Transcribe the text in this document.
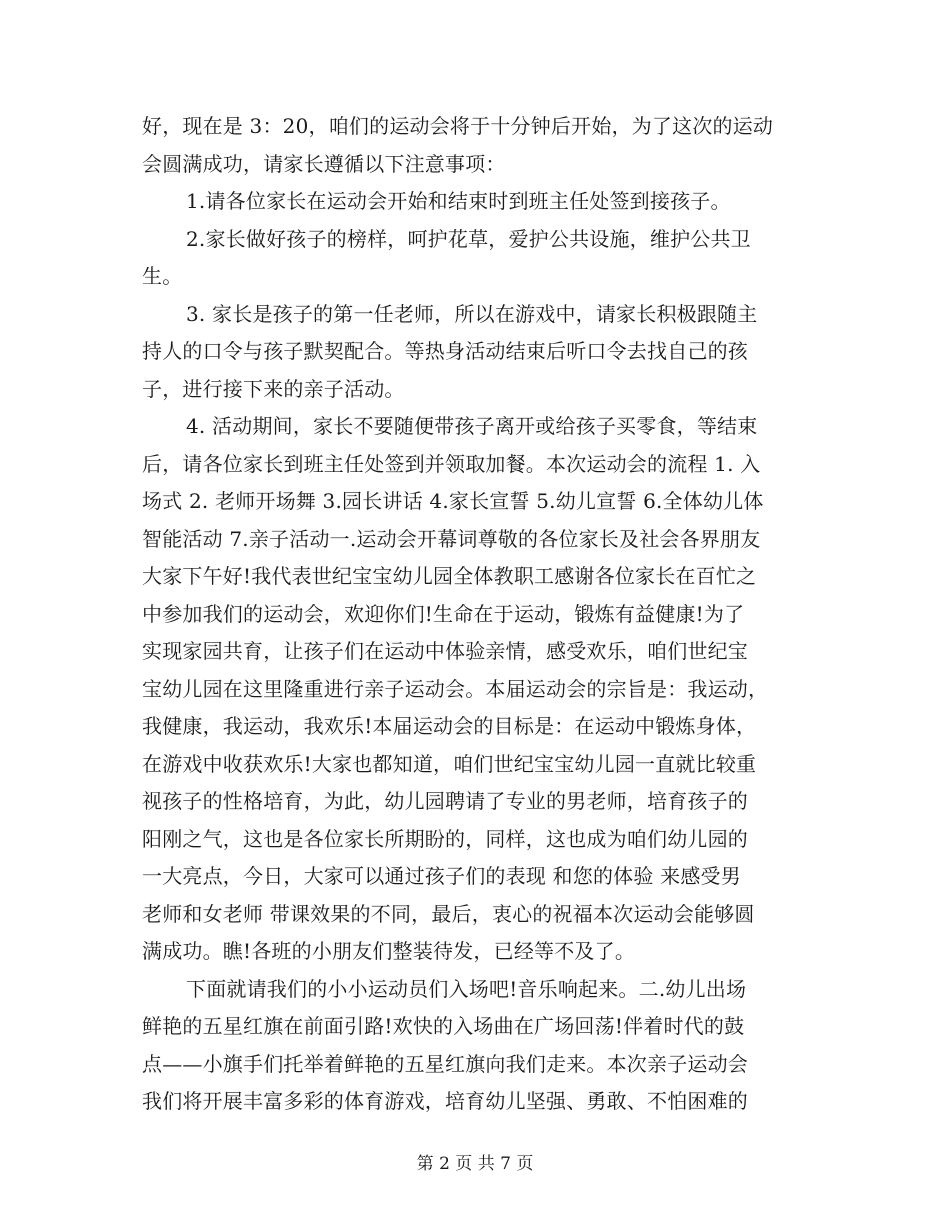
好，现在是 3：20，咱们的运动会将于十分钟后开始，为了这次的运动
会圆满成功，请家长遵循以下注意事项：
1.请各位家长在运动会开始和结束时到班主任处签到接孩子。
2.家长做好孩子的榜样，呵护花草，爱护公共设施，维护公共卫
生。
3. 家长是孩子的第一任老师，所以在游戏中，请家长积极跟随主
持人的口令与孩子默契配合。等热身活动结束后听口令去找自己的孩
子，进行接下来的亲子活动。
4. 活动期间，家长不要随便带孩子离开或给孩子买零食，等结束
后，请各位家长到班主任处签到并领取加餐。本次运动会的流程 1. 入
场式 2. 老师开场舞 3.园长讲话 4.家长宣誓 5.幼儿宣誓 6.全体幼儿体
智能活动 7.亲子活动一.运动会开幕词尊敬的各位家长及社会各界朋友
大家下午好!我代表世纪宝宝幼儿园全体教职工感谢各位家长在百忙之
中参加我们的运动会，欢迎你们!生命在于运动，锻炼有益健康!为了
实现家园共育，让孩子们在运动中体验亲情，感受欢乐，咱们世纪宝
宝幼儿园在这里隆重进行亲子运动会。本届运动会的宗旨是：我运动，
我健康，我运动，我欢乐!本届运动会的目标是：在运动中锻炼身体，
在游戏中收获欢乐!大家也都知道，咱们世纪宝宝幼儿园一直就比较重
视孩子的性格培育，为此，幼儿园聘请了专业的男老师，培育孩子的
阳刚之气，这也是各位家长所期盼的，同样，这也成为咱们幼儿园的
一大亮点，今日，大家可以通过孩子们的表现 和您的体验 来感受男
老师和女老师 带课效果的不同，最后，衷心的祝福本次运动会能够圆
满成功。瞧!各班的小朋友们整装待发，已经等不及了。
下面就请我们的小小运动员们入场吧!音乐响起来。二.幼儿出场
鲜艳的五星红旗在前面引路!欢快的入场曲在广场回荡!伴着时代的鼓
点——小旗手们托举着鲜艳的五星红旗向我们走来。本次亲子运动会
我们将开展丰富多彩的体育游戏，培育幼儿坚强、勇敢、不怕困难的
第 2 页 共 7 页
